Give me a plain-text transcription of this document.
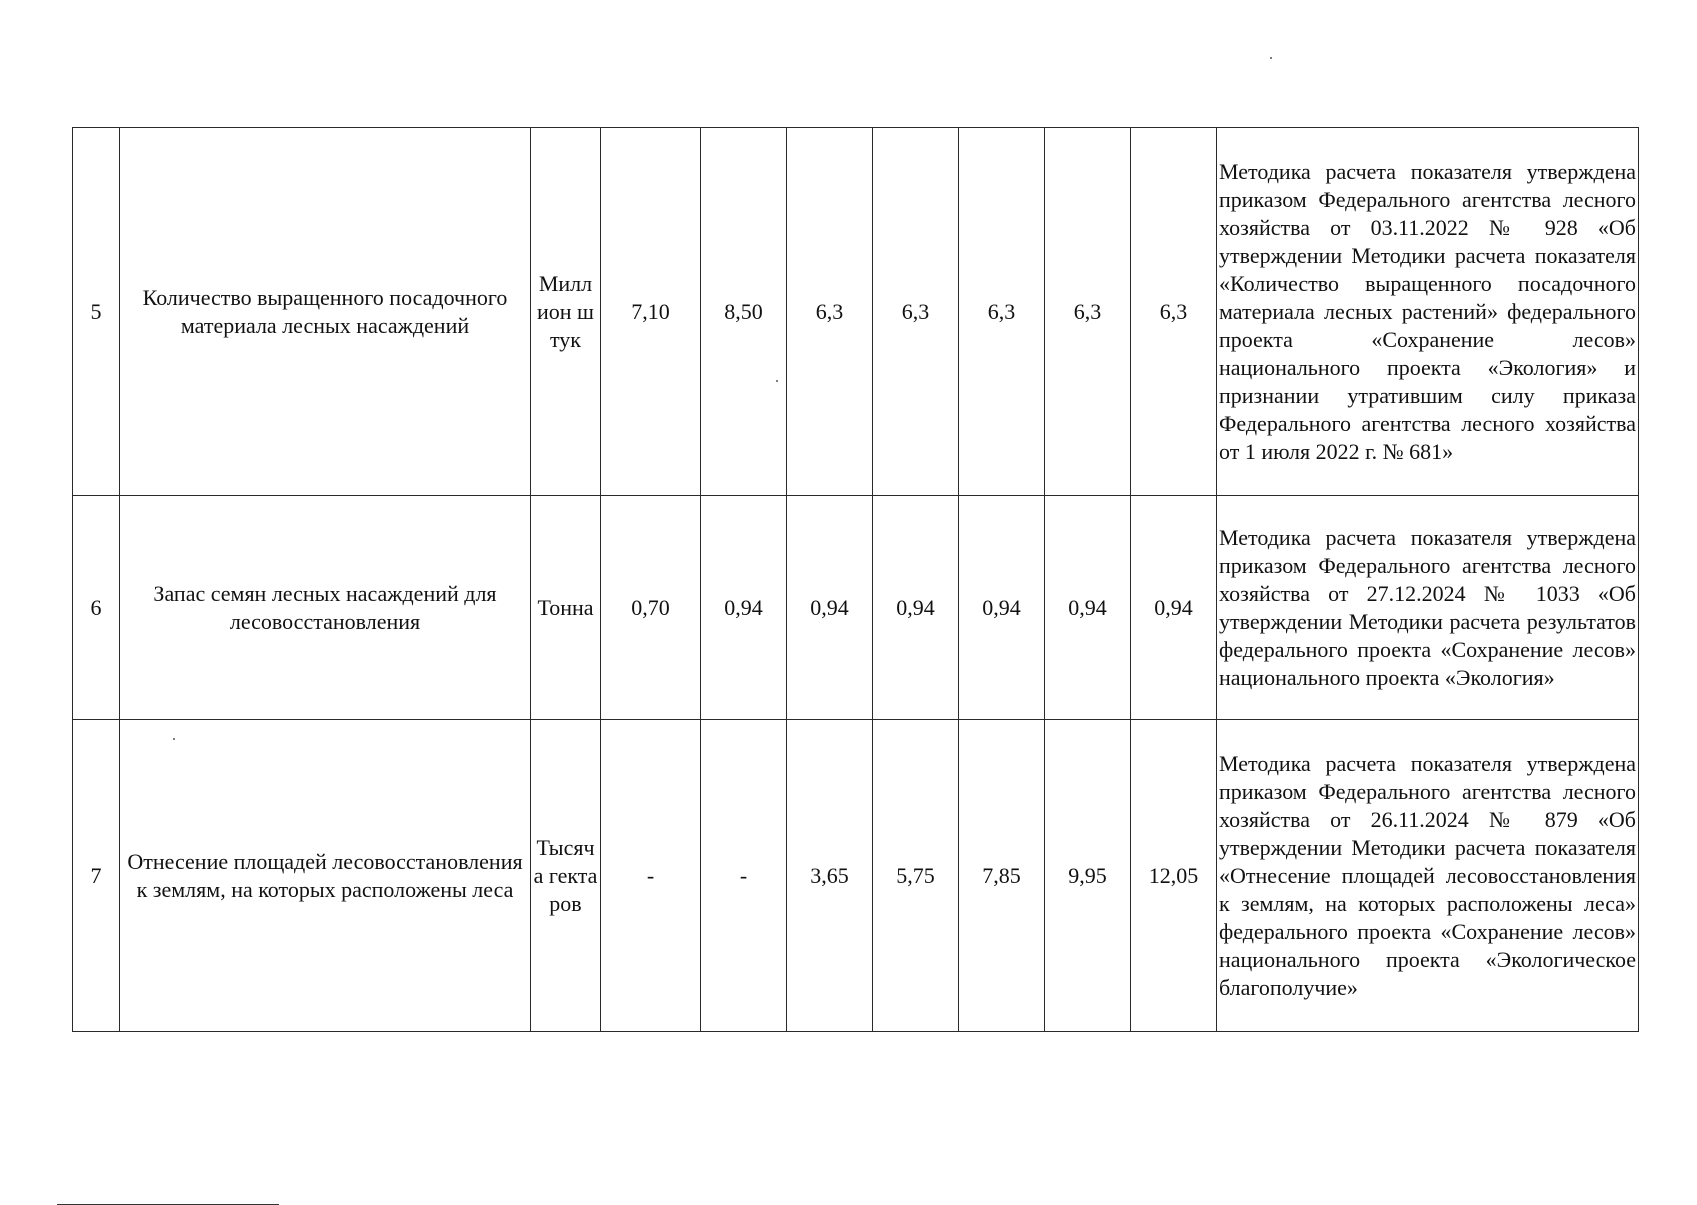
5	Количество выращенного посадочного материала лесных насаждений	Милл ион штук	7,10	8,50	6,3	6,3	6,3	6,3	6,3	Методика расчета показателя утверждена приказом Федерального агентства лесного хозяйства от 03.11.2022 № 928 «Об утверждении Методики расчета показателя «Количество выращенного посадочного материала лесных растений» федерального проекта «Сохранение лесов» национального проекта «Экология» и признании утратившим силу приказа Федерального агентства лесного хозяйства от 1 июля 2022 г. № 681»

6	Запас семян лесных насаждений для лесовосстановления	Тонна	0,70	0,94	0,94	0,94	0,94	0,94	0,94	Методика расчета показателя утверждена приказом Федерального агентства лесного хозяйства от 27.12.2024 № 1033 «Об утверждении Методики расчета результатов федерального проекта «Сохранение лесов» национального проекта «Экология»

7	Отнесение площадей лесовосстановления к землям, на которых расположены леса	Тысяча гектаров	-	-	3,65	5,75	7,85	9,95	12,05	Методика расчета показателя утверждена приказом Федерального агентства лесного хозяйства от 26.11.2024 № 879 «Об утверждении Методики расчета показателя «Отнесение площадей лесовосстановления к землям, на которых расположены леса» федерального проекта «Сохранение лесов» национального проекта «Экологическое благополучие»
